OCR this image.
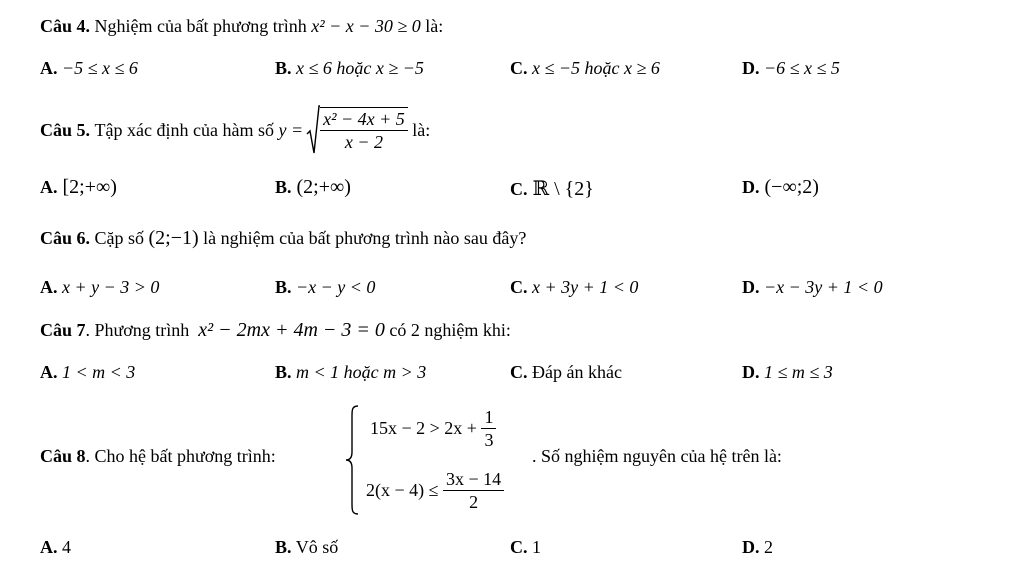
Câu 4. Nghiệm của bất phương trình x² − x − 30 ≥ 0 là:
A. −5 ≤ x ≤ 6	B. x ≤ 6 hoặc x ≥ −5	C. x ≤ −5 hoặc x ≥ 6	D. −6 ≤ x ≤ 5
Câu 5.
Tập xác định của hàm số
$y = \frac{\text{x² − 4x + 5}}{x - 2}$
là:
A. [2;+∞)	B. (2;+∞)	C. ℝ \ {2}	D. (−∞;2)
Câu 6. Cặp số (2;−1) là nghiệm của bất phương trình nào sau đây?
A. x + y − 3 > 0	B. −x − y < 0	C. x + 3y + 1 < 0	D. −x − 3y + 1 < 0
Câu 7. Phương trình x² − 2mx + 4m − 3 = 0 có 2 nghiệm khi:
A. 1 < m < 3	B. m < 1 hoặc m > 3	C. Đáp án khác	D. 1 ≤ m ≤ 3
Câu 8. Cho hệ bất phương trình:
15x − 2 > 2x +
$\frac{1}{3}$
2(x − 4) ≤
$\frac{3x - 14}{2}$
. Số nghiệm nguyên của hệ trên là:
A. 4	B. Vô số	C. 1	D. 2
